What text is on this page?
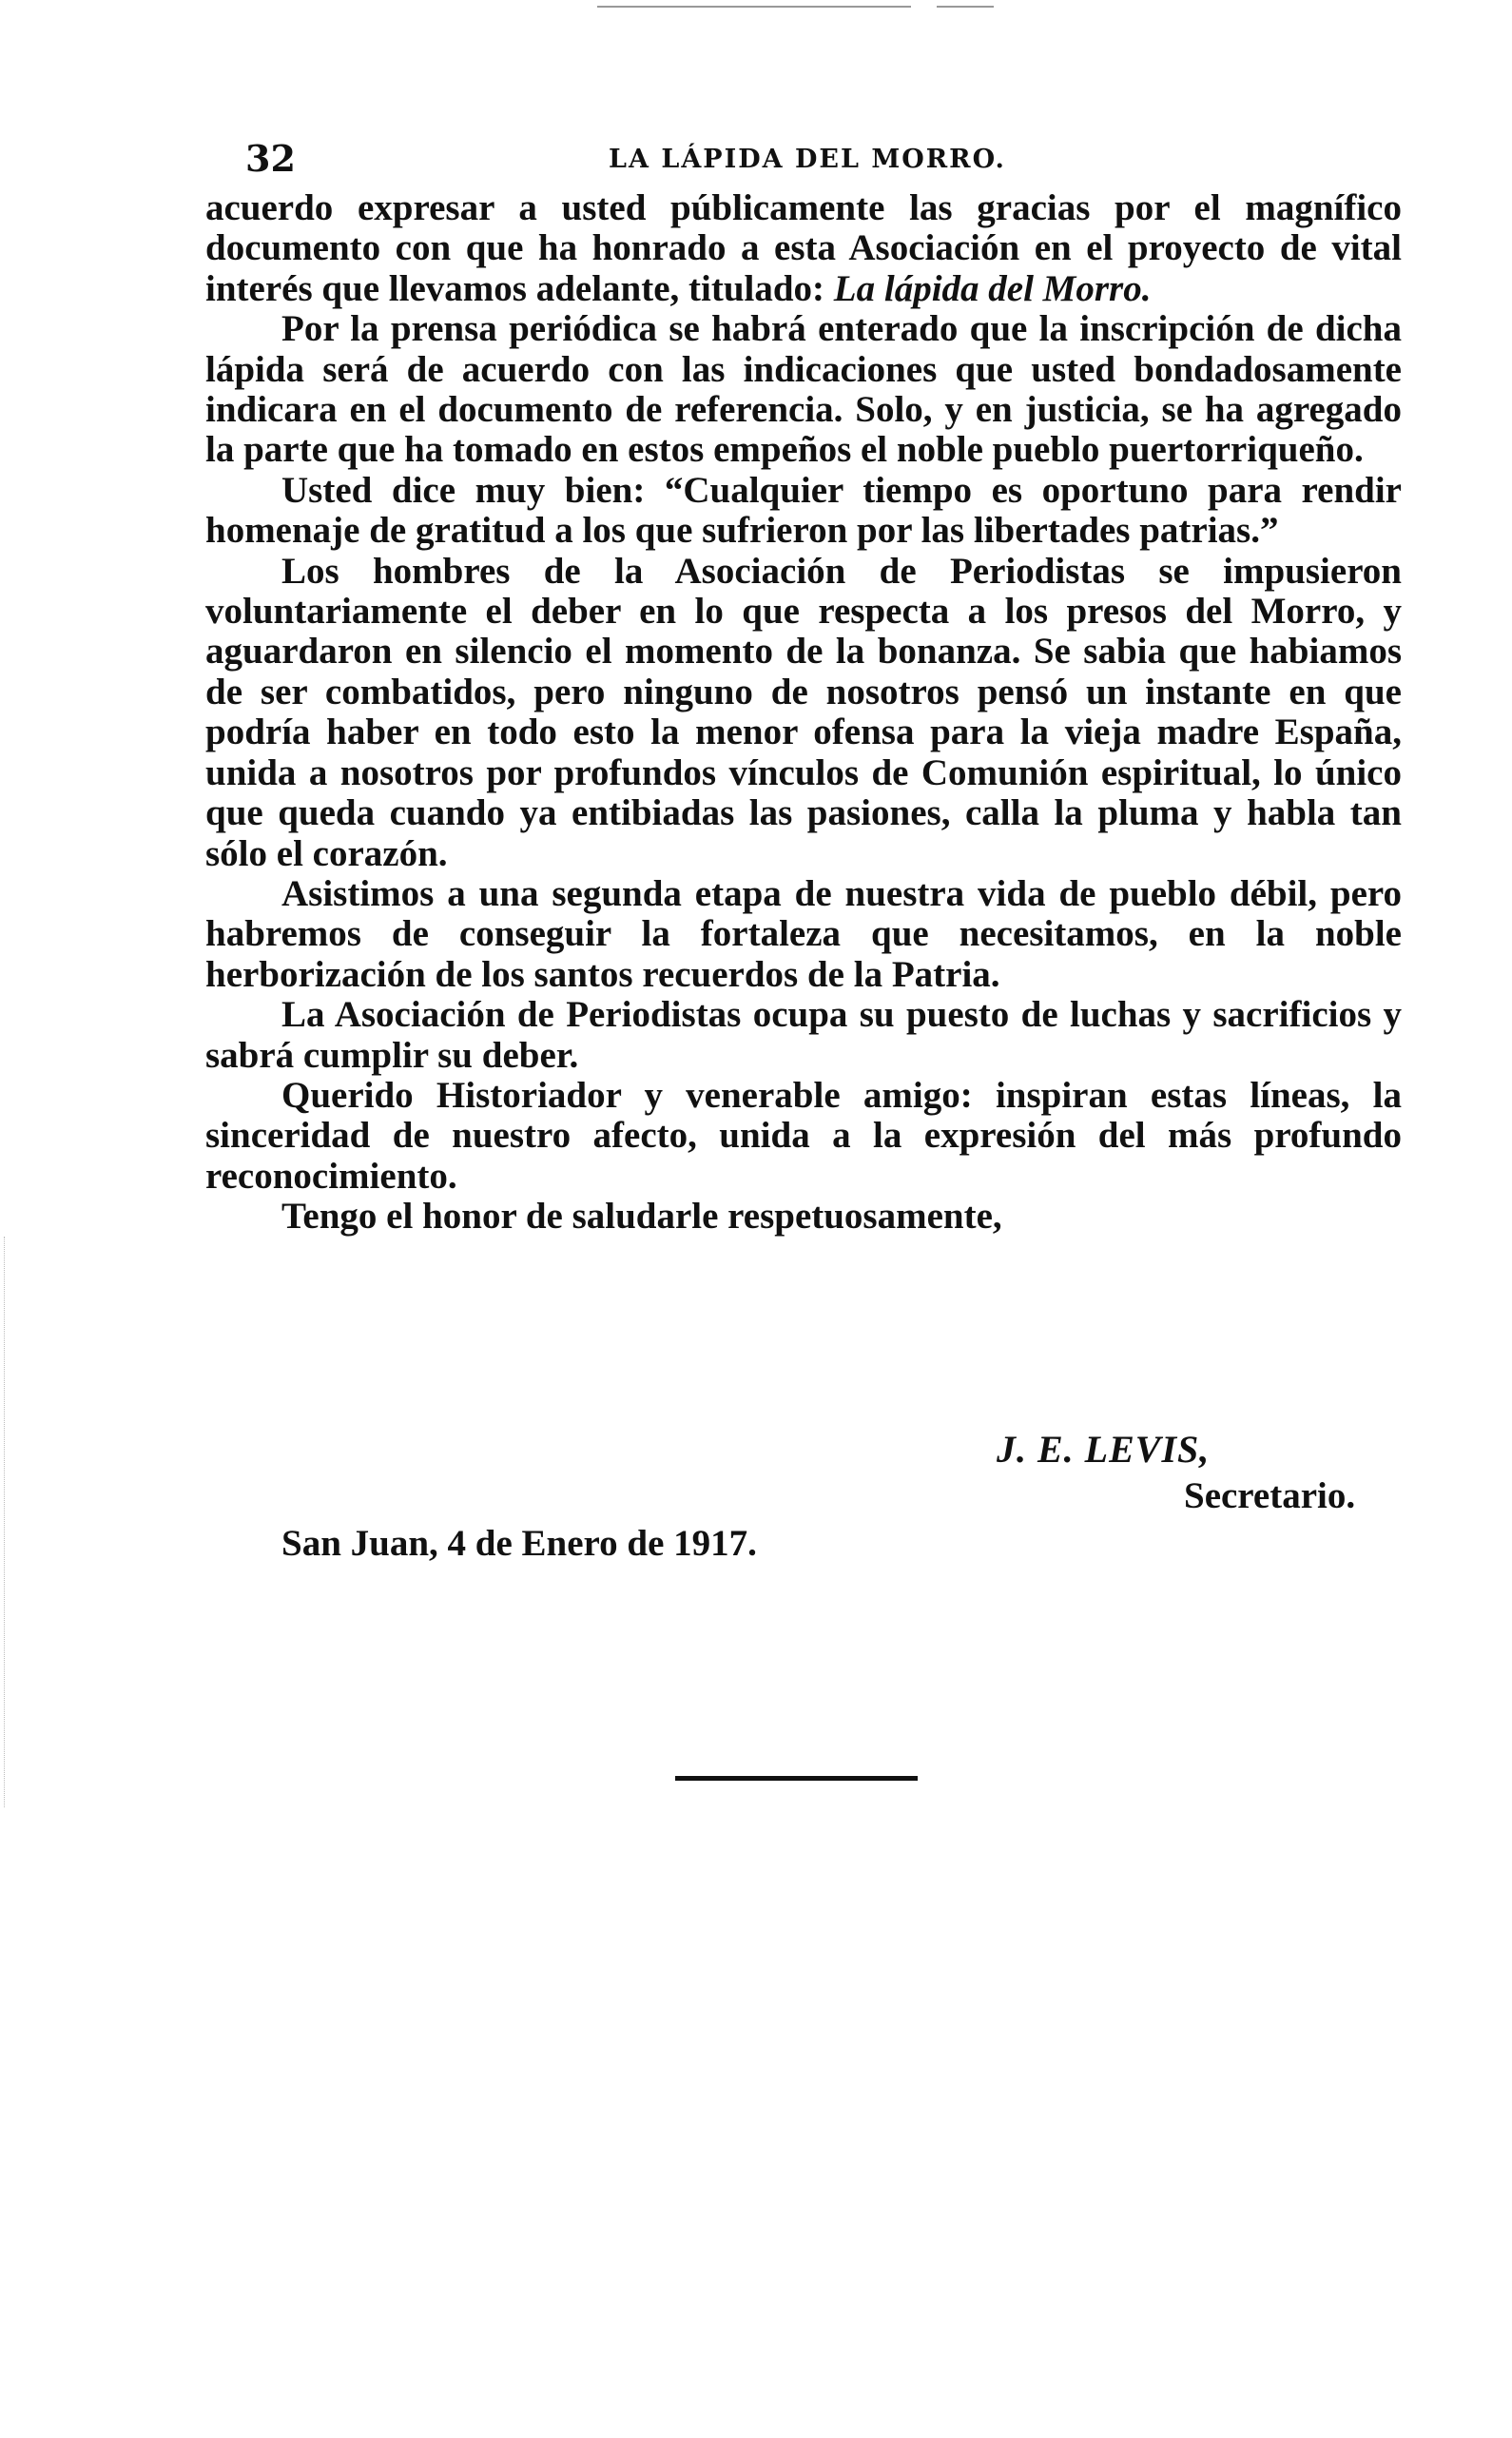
32	LA LÁPIDA DEL MORRO.

acuerdo expresar a usted públicamente las gracias por el magnífico documento con que ha honrado a esta Asociación en el proyecto de vital interés que llevamos adelante, titulado: La lápida del Morro.

Por la prensa periódica se habrá enterado que la inscripción de dicha lápida será de acuerdo con las indicaciones que usted bondadosamente indicara en el documento de referencia. Solo, y en justicia, se ha agregado la parte que ha tomado en estos empeños el noble pueblo puertorriqueño.

Usted dice muy bien: “Cualquier tiempo es oportuno para rendir homenaje de gratitud a los que sufrieron por las libertades patrias.”

Los hombres de la Asociación de Periodistas se impusieron voluntariamente el deber en lo que respecta a los presos del Morro, y aguardaron en silencio el momento de la bonanza. Se sabia que habiamos de ser combatidos, pero ninguno de nosotros pensó un instante en que podría haber en todo esto la menor ofensa para la vieja madre España, unida a nosotros por profundos vínculos de Comunión espiritual, lo único que queda cuando ya entibiadas las pasiones, calla la pluma y habla tan sólo el corazón.

Asistimos a una segunda etapa de nuestra vida de pueblo débil, pero habremos de conseguir la fortaleza que necesitamos, en la noble herborización de los santos recuerdos de la Patria.

La Asociación de Periodistas ocupa su puesto de luchas y sacrificios y sabrá cumplir su deber.

Querido Historiador y venerable amigo: inspiran estas líneas, la sinceridad de nuestro afecto, unida a la expresión del más profundo reconocimiento.

Tengo el honor de saludarle respetuosamente,

J. E. LEVIS,
Secretario.
San Juan, 4 de Enero de 1917.
